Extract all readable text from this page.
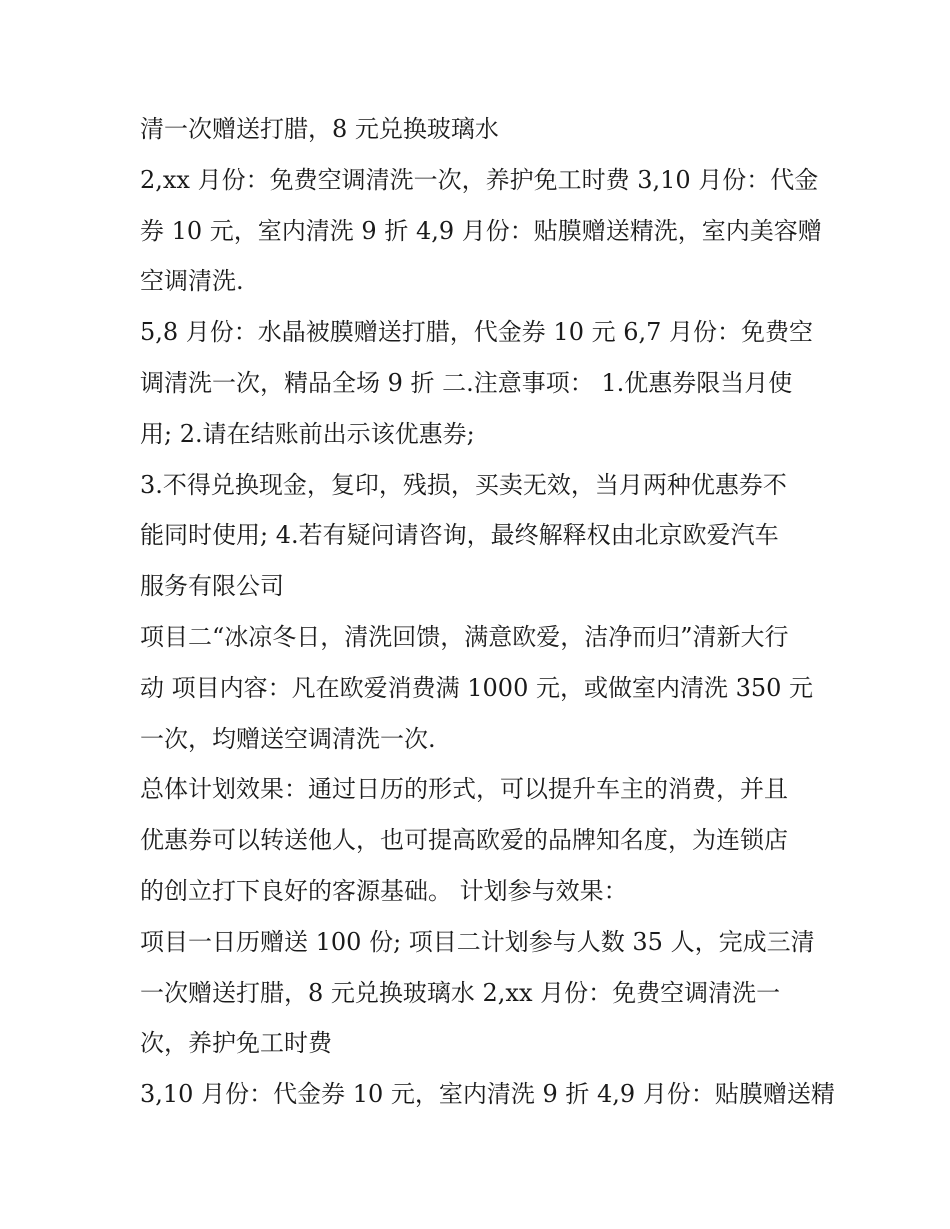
清一次赠送打腊，8 元兑换玻璃水
2,xx 月份：免费空调清洗一次，养护免工时费 3,10 月份：代金
券 10 元，室内清洗 9 折 4,9 月份：贴膜赠送精洗，室内美容赠
空调清洗.
5,8 月份：水晶被膜赠送打腊，代金券 10 元 6,7 月份：免费空
调清洗一次，精品全场 9 折 二.注意事项： 1.优惠券限当月使
用; 2.请在结账前出示该优惠券;
3.不得兑换现金，复印，残损，买卖无效，当月两种优惠券不
能同时使用; 4.若有疑问请咨询，最终解释权由北京欧爱汽车
服务有限公司
项目二“冰凉冬日，清洗回馈，满意欧爱，洁净而归”清新大行
动 项目内容：凡在欧爱消费满 1000 元，或做室内清洗 350 元
一次，均赠送空调清洗一次.
总体计划效果：通过日历的形式，可以提升车主的消费，并且
优惠券可以转送他人，也可提高欧爱的品牌知名度，为连锁店
的创立打下良好的客源基础。 计划参与效果：
项目一日历赠送 100 份; 项目二计划参与人数 35 人，完成三清
一次赠送打腊，8 元兑换玻璃水 2,xx 月份：免费空调清洗一
次，养护免工时费
3,10 月份：代金券 10 元，室内清洗 9 折 4,9 月份：贴膜赠送精
